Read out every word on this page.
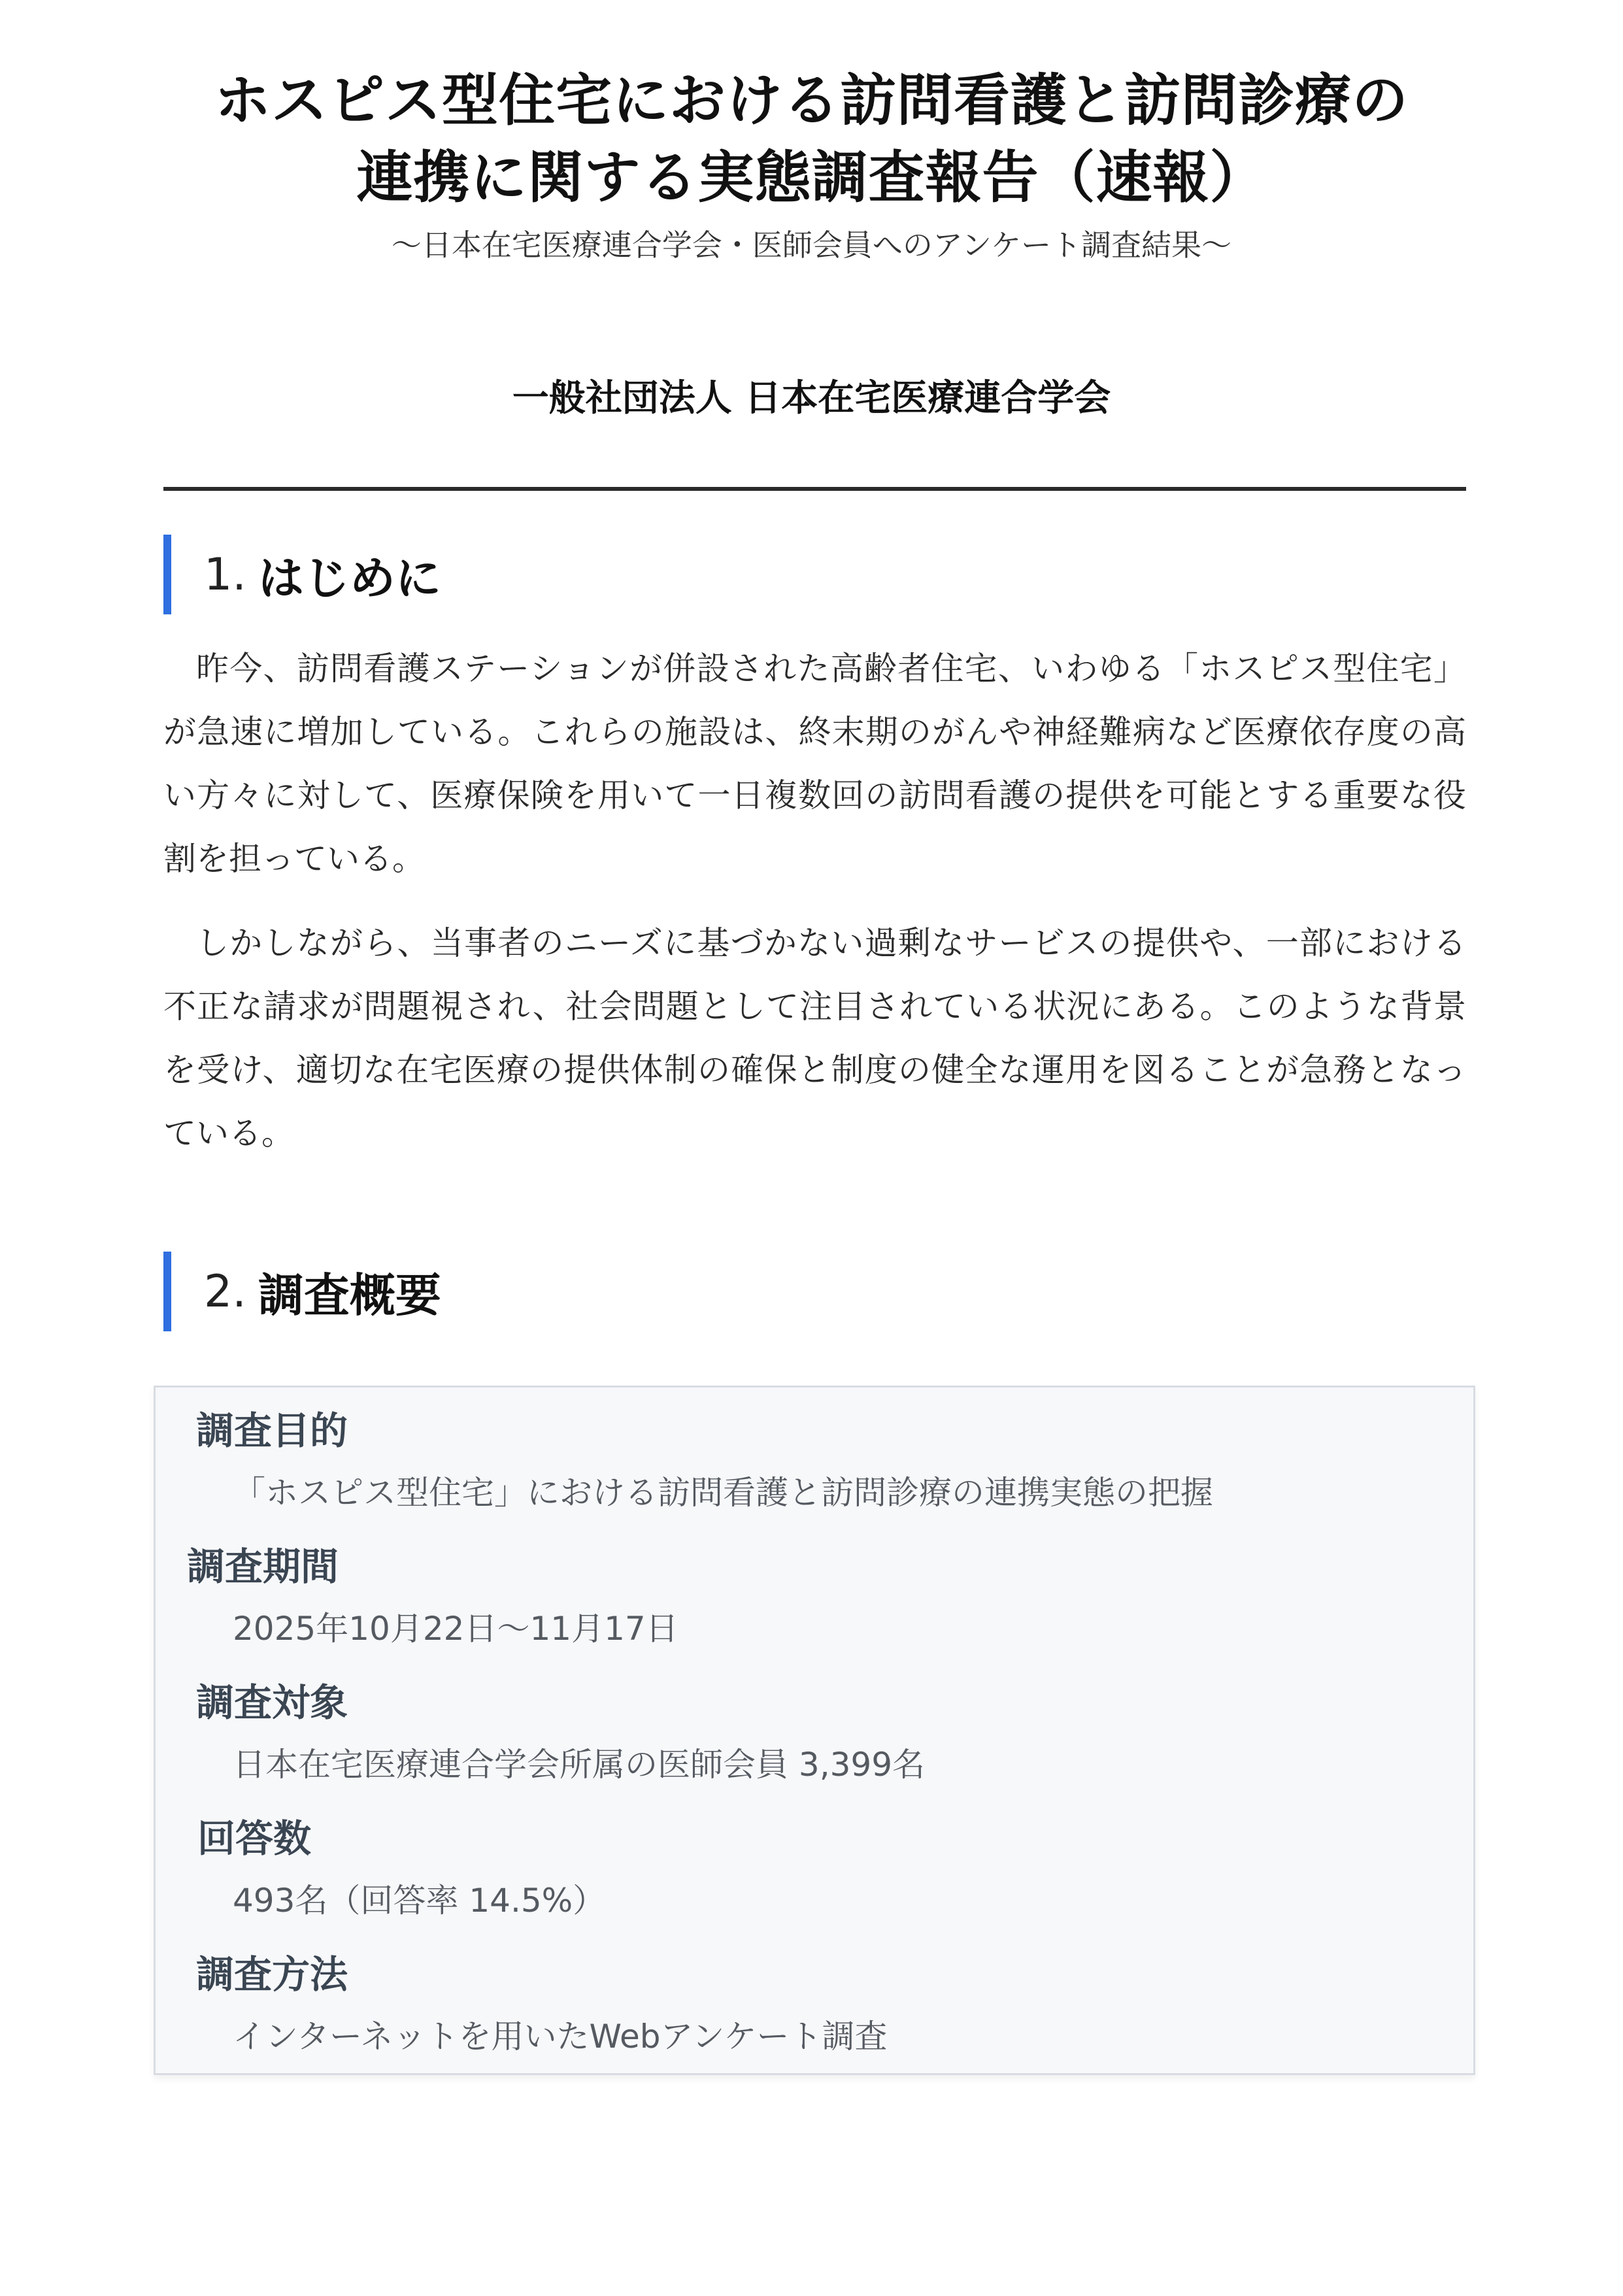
ホスピス型住宅における訪問看護と訪問診療の
連携に関する実態調査報告（速報）
〜日本在宅医療連合学会・医師会員へのアンケート調査結果〜
一般社団法人 日本在宅医療連合学会
1. はじめに

昨今、訪問看護ステーションが併設された高齢者住宅、いわゆる「ホスピス型住宅」が急速に増加している。これらの施設は、終末期のがんや神経難病など医療依存度の高い方々に対して、医療保険を用いて一日複数回の訪問看護の提供を可能とする重要な役割を担っている。

しかしながら、当事者のニーズに基づかない過剰なサービスの提供や、一部における不正な請求が問題視され、社会問題として注目されている状況にある。このような背景を受け、適切な在宅医療の提供体制の確保と制度の健全な運用を図ることが急務となっている。

2. 調査概要
調査目的
「ホスピス型住宅」における訪問看護と訪問診療の連携実態の把握
調査期間
2025年10月22日〜11月17日
調査対象
日本在宅医療連合学会所属の医師会員 3,399名
回答数
493名（回答率 14.5%）
調査方法
インターネットを用いたWebアンケート調査
